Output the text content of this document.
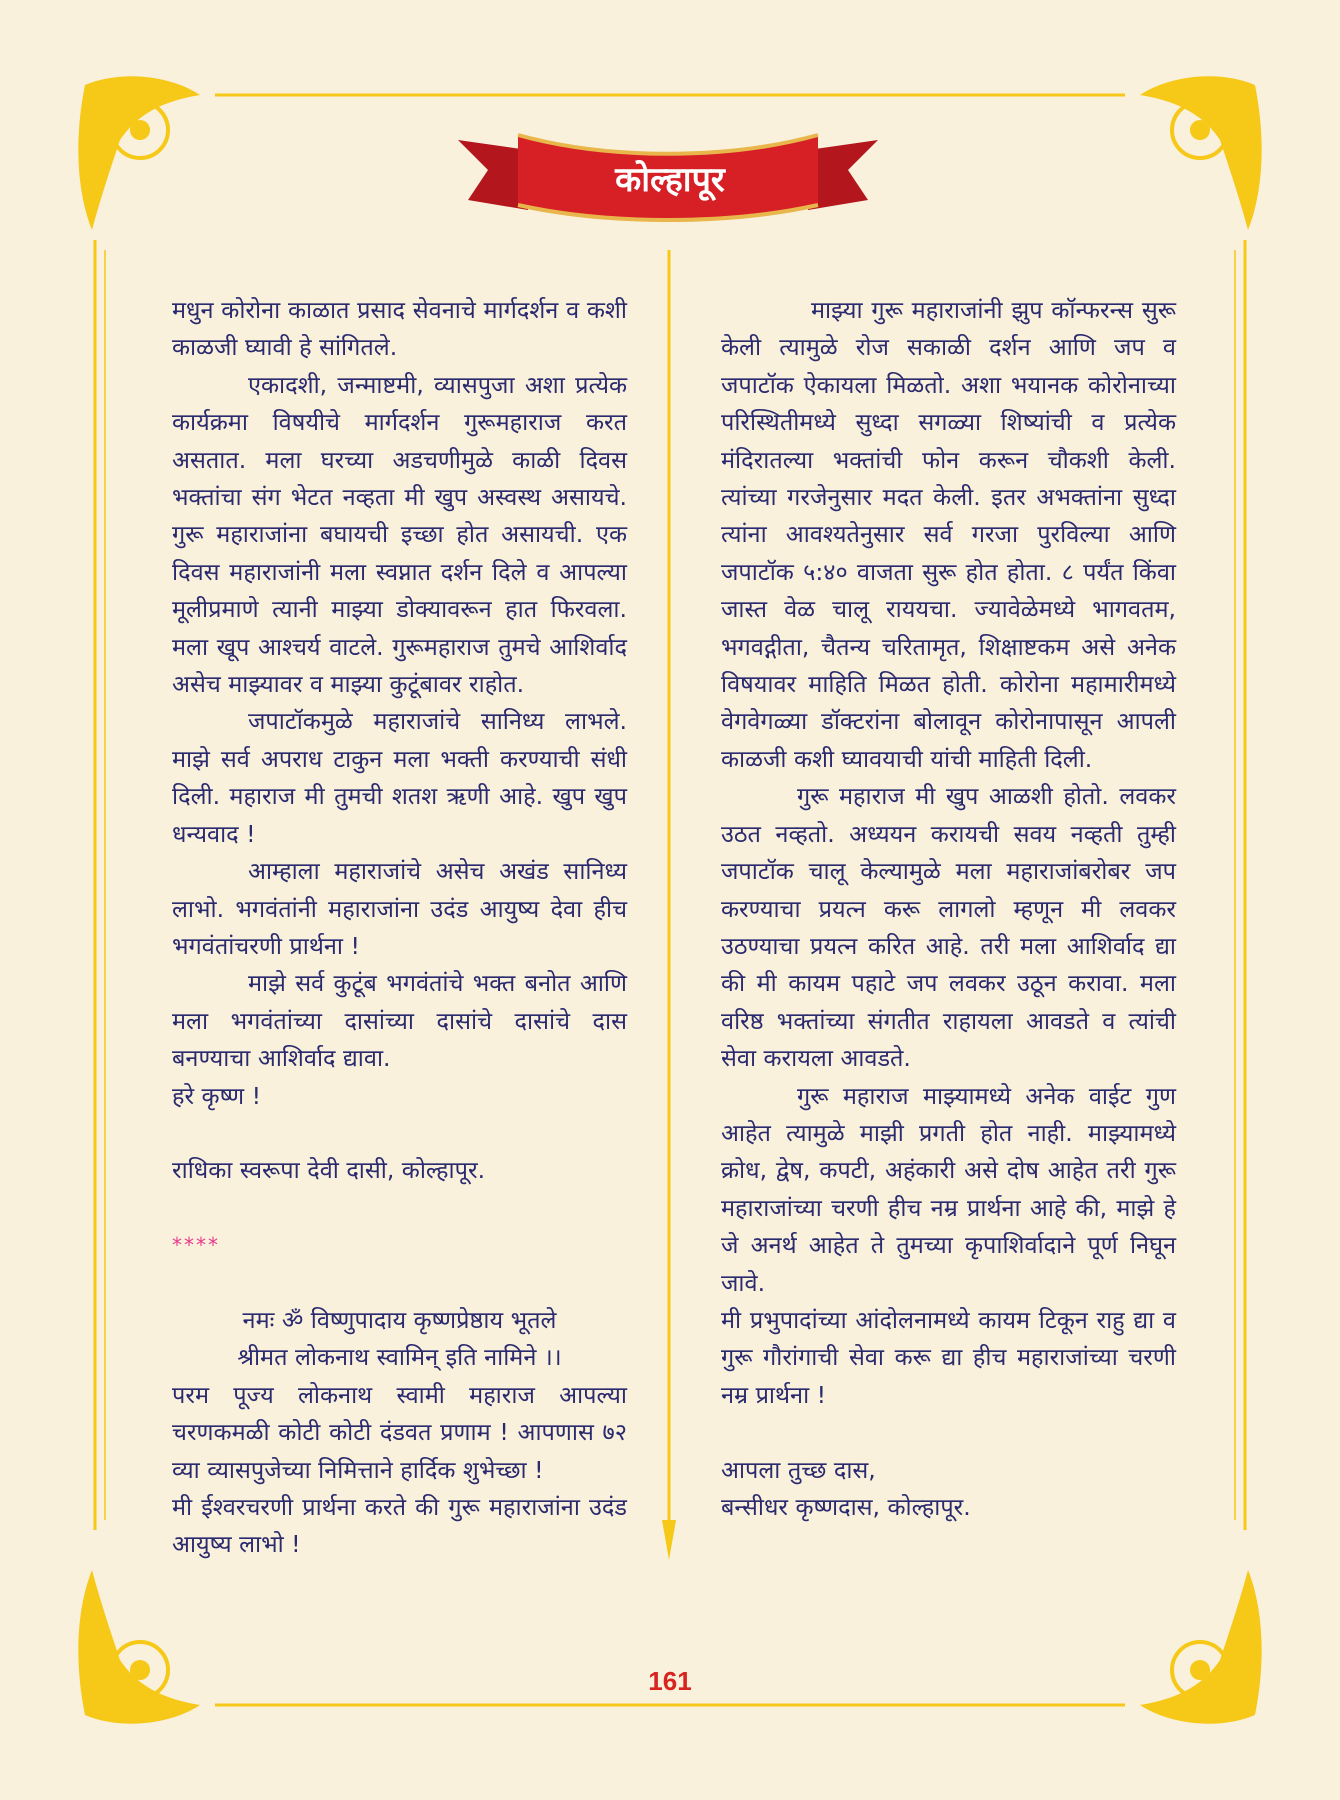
कोल्हापूर

मधुन कोरोना काळात प्रसाद सेवनाचे मार्गदर्शन व कशी काळजी घ्यावी हे सांगितले.

एकादशी, जन्माष्टमी, व्यासपुजा अशा प्रत्येक कार्यक्रमा विषयीचे मार्गदर्शन गुरूमहाराज करत असतात. मला घरच्या अडचणीमुळे काळी दिवस भक्तांचा संग भेटत नव्हता मी खुप अस्वस्थ असायचे. गुरू महाराजांना बघायची इच्छा होत असायची. एक दिवस महाराजांनी मला स्वप्नात दर्शन दिले व आपल्या मूलीप्रमाणे त्यानी माझ्या डोक्यावरून हात फिरवला. मला खूप आश्चर्य वाटले. गुरूमहाराज तुमचे आशिर्वाद असेच माझ्यावर व माझ्या कुटूंबावर राहोत.

जपाटॉकमुळे महाराजांचे सानिध्य लाभले. माझे सर्व अपराध टाकुन मला भक्ती करण्याची संधी दिली. महाराज मी तुमची शतश ऋणी आहे. खुप खुप धन्यवाद !

आम्हाला महाराजांचे असेच अखंड सानिध्य लाभो. भगवंतांनी महाराजांना उदंड आयुष्य देवा हीच भगवंतांचरणी प्रार्थना !

माझे सर्व कुटूंब भगवंतांचे भक्त बनोत आणि मला भगवंतांच्या दासांच्या दासांचे दासांचे दास बनण्याचा आशिर्वाद द्यावा.

हरे कृष्ण !

राधिका स्वरूपा देवी दासी, कोल्हापूर.

****

नमः ॐ विष्णुपादाय कृष्णप्रेष्ठाय भूतले

श्रीमत लोकनाथ स्वामिन् इति नामिने ।।

परम पूज्य लोकनाथ स्वामी महाराज आपल्या चरणकमळी कोटी कोटी दंडवत प्रणाम ! आपणास ७२ व्या व्यासपुजेच्या निमित्ताने हार्दिक शुभेच्छा !

मी ईश्वरचरणी प्रार्थना करते की गुरू महाराजांना उदंड आयुष्य लाभो !

माझ्या गुरू महाराजांनी झुप कॉन्फरन्स सुरू केली त्यामुळे रोज सकाळी दर्शन आणि जप व जपाटॉक ऐकायला मिळतो. अशा भयानक कोरोनाच्या परिस्थितीमध्ये सुध्दा सगळ्या शिष्यांची व प्रत्येक मंदिरातल्या भक्तांची फोन करून चौकशी केली. त्यांच्या गरजेनुसार मदत केली. इतर अभक्तांना सुध्दा त्यांना आवश्यतेनुसार सर्व गरजा पुरविल्या आणि जपाटॉक ५:४० वाजता सुरू होत होता. ८ पर्यंत किंवा जास्त वेळ चालू राययचा. ज्यावेळेमध्ये भागवतम, भगवद्गीता, चैतन्य चरितामृत, शिक्षाष्टकम असे अनेक विषयावर माहिति मिळत होती. कोरोना महामारीमध्ये वेगवेगळ्या डॉक्टरांना बोलावून कोरोनापासून आपली काळजी कशी घ्यावयाची यांची माहिती दिली.

गुरू महाराज मी खुप आळशी होतो. लवकर उठत नव्हतो. अध्ययन करायची सवय नव्हती तुम्ही जपाटॉक चालू केल्यामुळे मला महाराजांबरोबर जप करण्याचा प्रयत्न करू लागलो म्हणून मी लवकर उठण्याचा प्रयत्न करित आहे. तरी मला आशिर्वाद द्या की मी कायम पहाटे जप लवकर उठून करावा. मला वरिष्ठ भक्तांच्या संगतीत राहायला आवडते व त्यांची सेवा करायला आवडते.

गुरू महाराज माझ्यामध्ये अनेक वाईट गुण आहेत त्यामुळे माझी प्रगती होत नाही. माझ्यामध्ये क्रोध, द्वेष, कपटी, अहंकारी असे दोष आहेत तरी गुरू महाराजांच्या चरणी हीच नम्र प्रार्थना आहे की, माझे हे जे अनर्थ आहेत ते तुमच्या कृपाशिर्वादाने पूर्ण निघून जावे.

मी प्रभुपादांच्या आंदोलनामध्ये कायम टिकून राहु द्या व गुरू गौरांगाची सेवा करू द्या हीच महाराजांच्या चरणी नम्र प्रार्थना !

आपला तुच्छ दास,

बन्सीधर कृष्णदास, कोल्हापूर.

161
